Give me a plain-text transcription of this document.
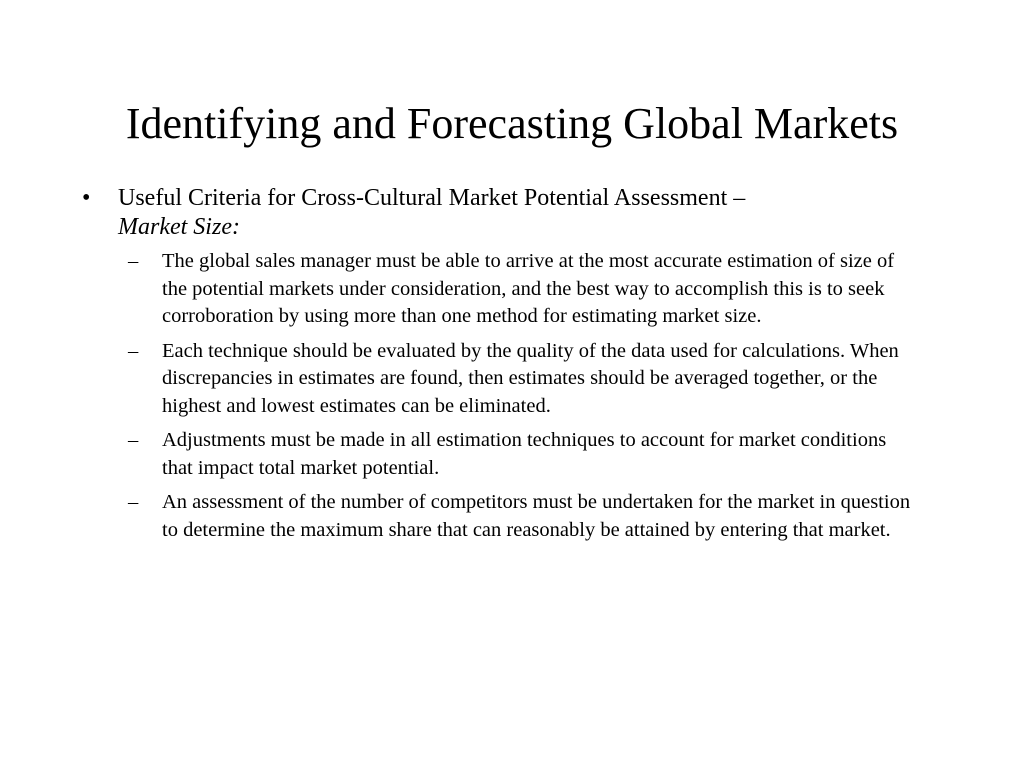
Identifying and Forecasting Global Markets
• Useful Criteria for Cross-Cultural Market Potential Assessment –
Market Size:
– The global sales manager must be able to arrive at the most accurate estimation of size of the potential markets under consideration, and the best way to accomplish this is to seek corroboration by using more than one method for estimating market size.
– Each technique should be evaluated by the quality of the data used for calculations. When discrepancies in estimates are found, then estimates should be averaged together, or the highest and lowest estimates can be eliminated.
– Adjustments must be made in all estimation techniques to account for market conditions that impact total market potential.
– An assessment of the number of competitors must be undertaken for the market in question to determine the maximum share that can reasonably be attained by entering that market.
